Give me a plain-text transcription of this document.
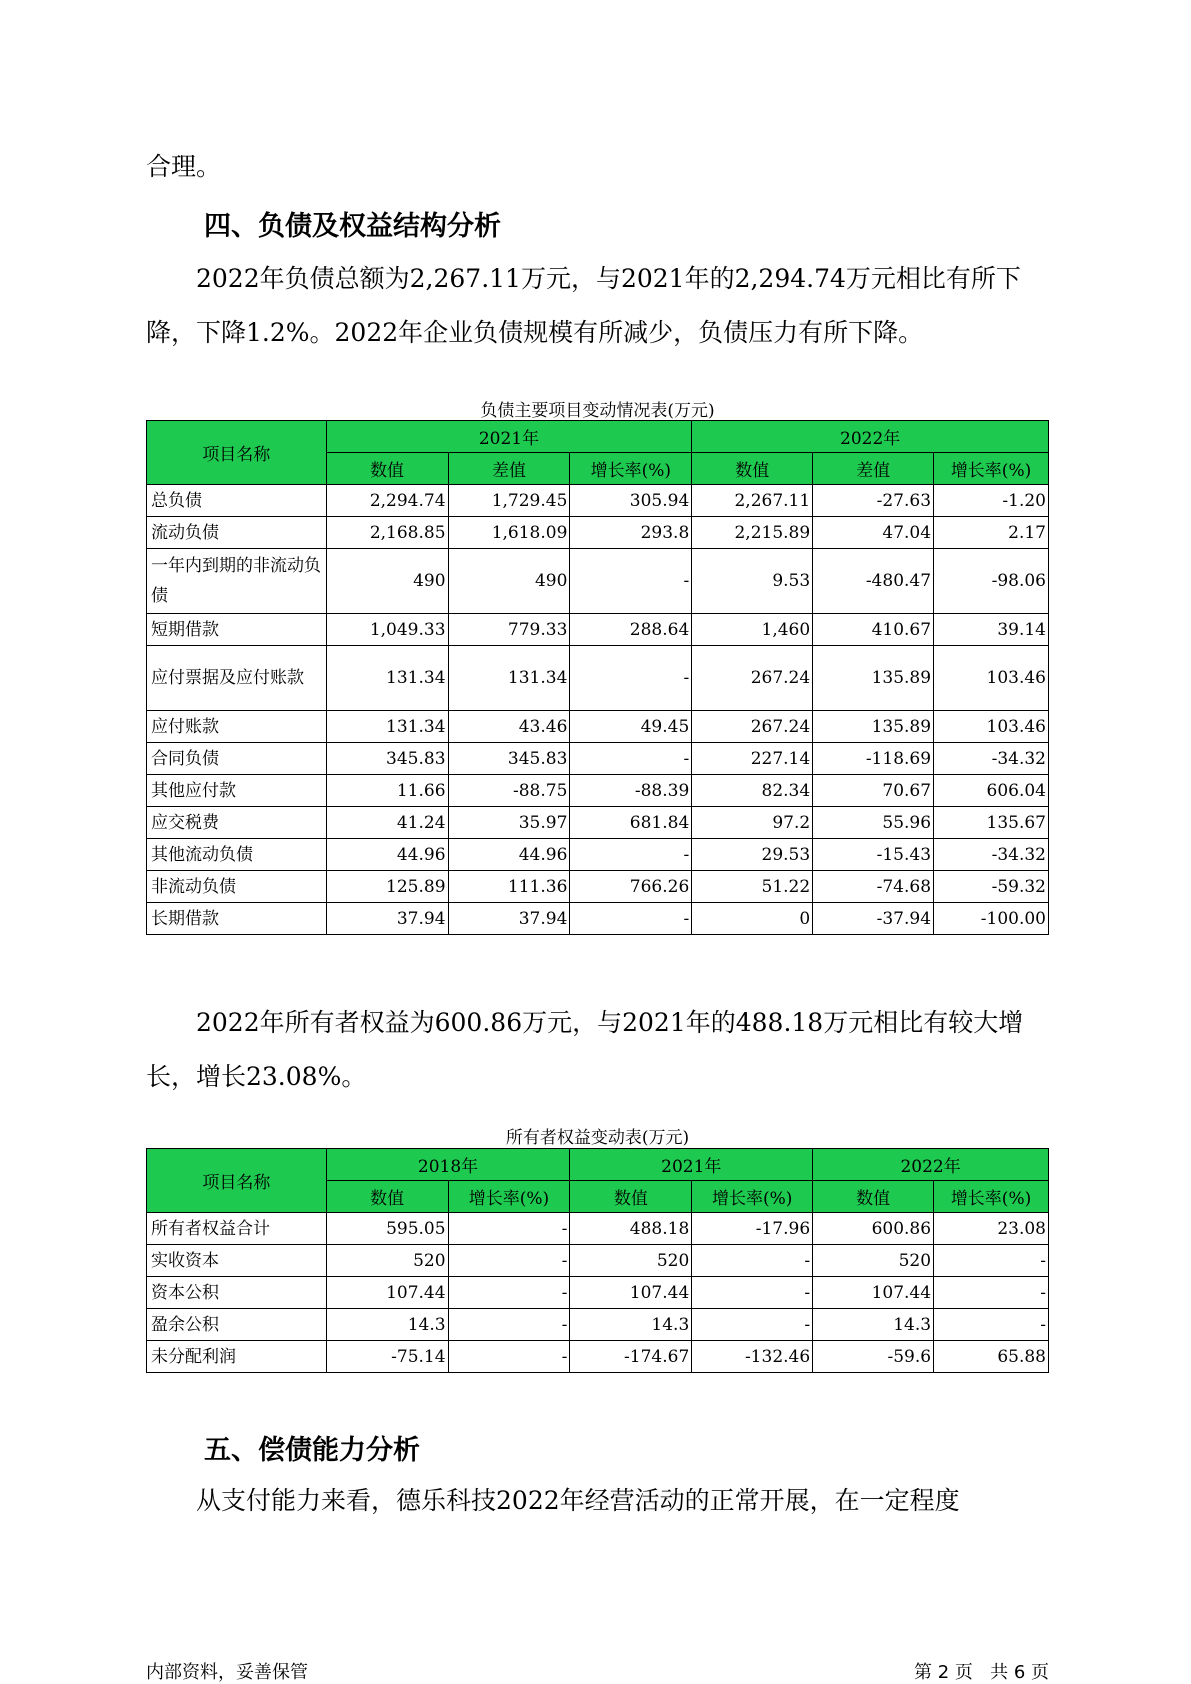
合理。

四、负债及权益结构分析

2022年负债总额为2,267.11万元，与2021年的2,294.74万元相比有所下降，下降1.2%。2022年企业负债规模有所减少，负债压力有所下降。

负债主要项目变动情况表(万元)

项目名称	2021年			2022年		
	数值	差值	增长率(%)	数值	差值	增长率(%)
总负债	2,294.74	1,729.45	305.94	2,267.11	-27.63	-1.20
流动负债	2,168.85	1,618.09	293.8	2,215.89	47.04	2.17
一年内到期的非流动负债	490	490	-	9.53	-480.47	-98.06
短期借款	1,049.33	779.33	288.64	1,460	410.67	39.14
应付票据及应付账款	131.34	131.34	-	267.24	135.89	103.46
应付账款	131.34	43.46	49.45	267.24	135.89	103.46
合同负债	345.83	345.83	-	227.14	-118.69	-34.32
其他应付款	11.66	-88.75	-88.39	82.34	70.67	606.04
应交税费	41.24	35.97	681.84	97.2	55.96	135.67
其他流动负债	44.96	44.96	-	29.53	-15.43	-34.32
非流动负债	125.89	111.36	766.26	51.22	-74.68	-59.32
长期借款	37.94	37.94	-	0	-37.94	-100.00

2022年所有者权益为600.86万元，与2021年的488.18万元相比有较大增长，增长23.08%。

所有者权益变动表(万元)

项目名称	2018年		2021年		2022年	
	数值	增长率(%)	数值	增长率(%)	数值	增长率(%)
所有者权益合计	595.05	-	488.18	-17.96	600.86	23.08
实收资本	520	-	520	-	520	-
资本公积	107.44	-	107.44	-	107.44	-
盈余公积	14.3	-	14.3	-	14.3	-
未分配利润	-75.14	-	-174.67	-132.46	-59.6	65.88
五、偿债能力分析

从支付能力来看，德乐科技2022年经营活动的正常开展，在一定程度

内部资料，妥善保管	第 2 页   共 6 页
